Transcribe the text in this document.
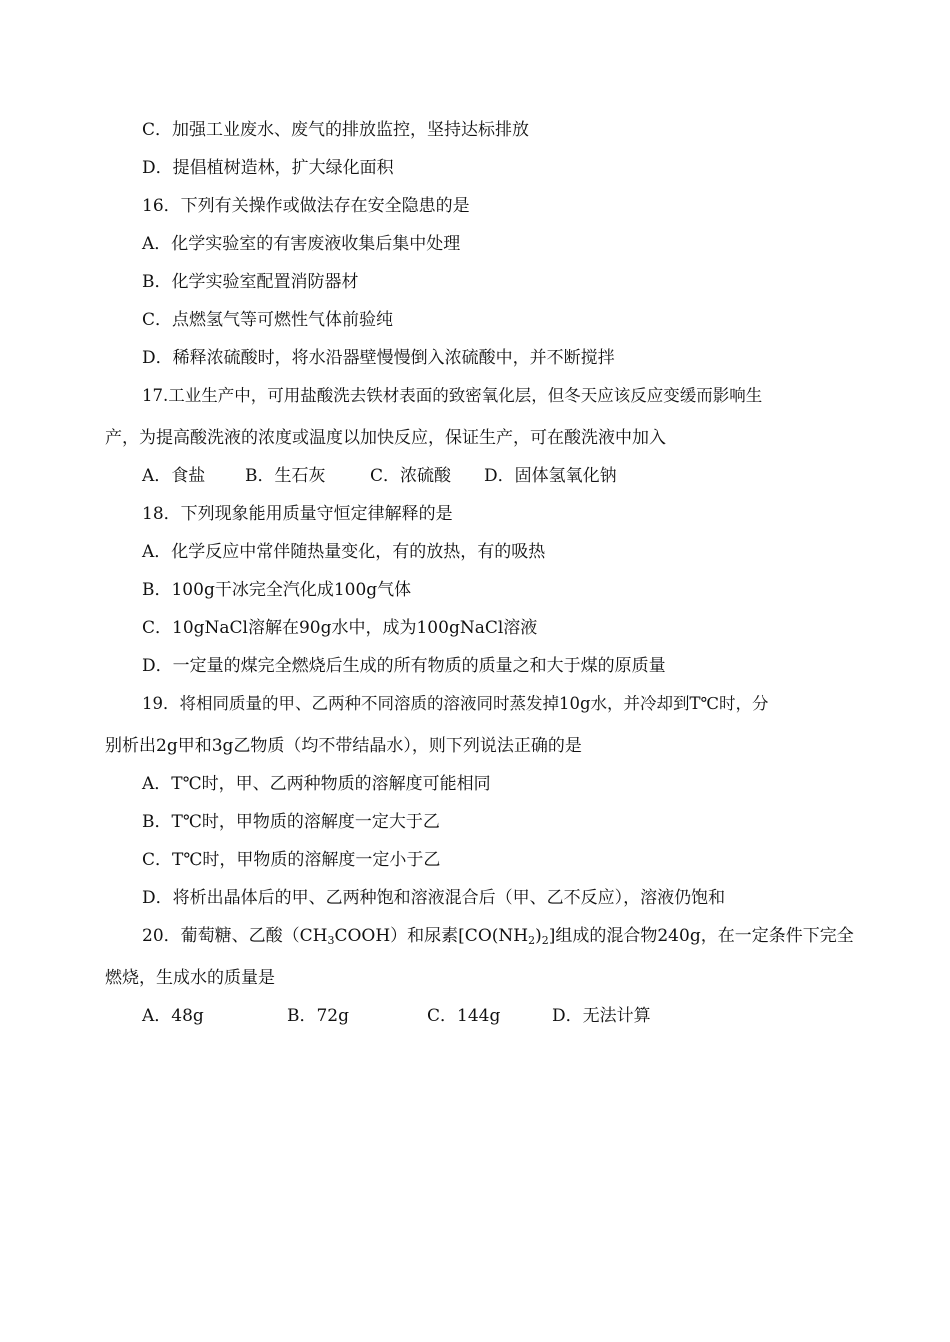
C．加强工业废水、废气的排放监控，坚持达标排放
D．提倡植树造林，扩大绿化面积
16．下列有关操作或做法存在安全隐患的是
A．化学实验室的有害废液收集后集中处理
B．化学实验室配置消防器材
C．点燃氢气等可燃性气体前验纯
D．稀释浓硫酸时，将水沿器壁慢慢倒入浓硫酸中，并不断搅拌
17.工业生产中，可用盐酸洗去铁材表面的致密氧化层，但冬天应该反应变缓而影响生
产，为提高酸洗液的浓度或温度以加快反应，保证生产，可在酸洗液中加入
A．食盐 B．生石灰	C．浓硫酸 D．固体氢氧化钠
18．下列现象能用质量守恒定律解释的是
A．化学反应中常伴随热量变化，有的放热，有的吸热
B．100g干冰完全汽化成100g气体
C．10gNaCl溶解在90g水中，成为100gNaCl溶液
D．一定量的煤完全燃烧后生成的所有物质的质量之和大于煤的原质量
19．将相同质量的甲、乙两种不同溶质的溶液同时蒸发掉10g水，并冷却到T℃时，分
别析出2g甲和3g乙物质（均不带结晶水），则下列说法正确的是
A．T℃时，甲、乙两种物质的溶解度可能相同
B．T℃时，甲物质的溶解度一定大于乙
C．T℃时，甲物质的溶解度一定小于乙
D．将析出晶体后的甲、乙两种饱和溶液混合后（甲、乙不反应），溶液仍饱和
20．葡萄糖、乙酸$(CH_3COOH)$和尿素$[CO(NH_2)_2]$组成的混合物240g，在一定条件下完全
燃烧，生成水的质量是
A．48g	B．72g	C．144g	D．无法计算
